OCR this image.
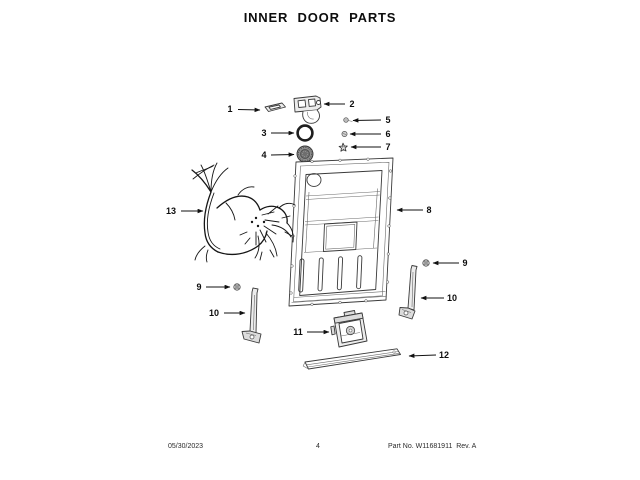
INNER DOOR PARTS
1	2
3
4
5
6
7
8
9
10
9
10
11
12
13
05/30/2023	4	Part No. W11681911  Rev. A
